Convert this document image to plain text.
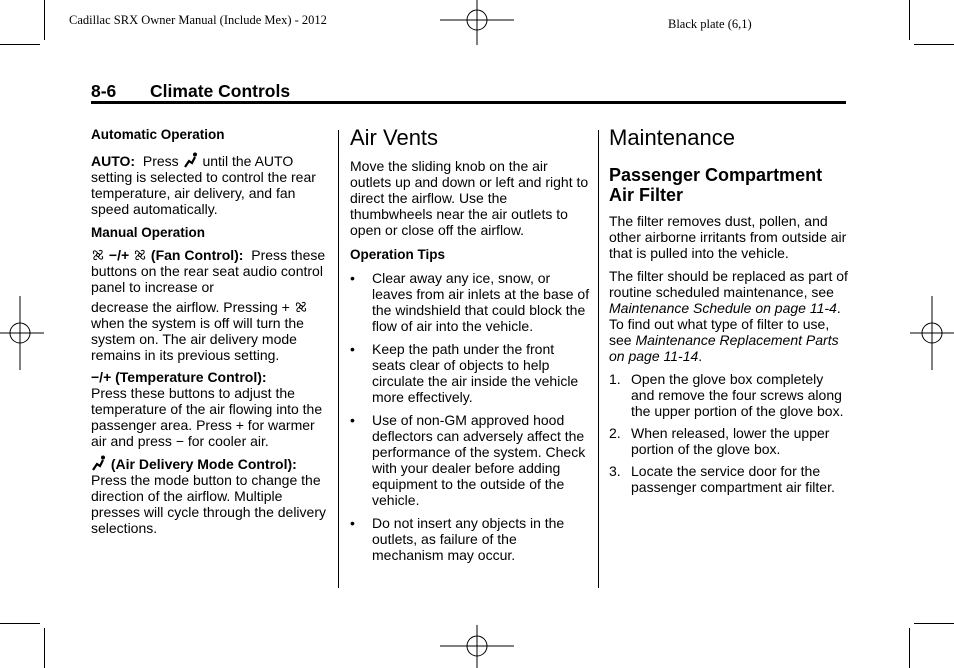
Cadillac SRX Owner Manual (Include Mex) - 2012	Black plate (6,1)
8-6 Climate Controls

Automatic Operation

AUTO: Press until the AUTO setting is selected to control the rear temperature, air delivery, and fan speed automatically.

Manual Operation

−/+ (Fan Control): Press these buttons on the rear seat audio control panel to increase or

decrease the airflow. Pressing +  when the system is off will turn the system on. The air delivery mode remains in its previous setting.

−/+ (Temperature Control):
Press these buttons to adjust the temperature of the air flowing into the passenger area. Press + for warmer air and press − for cooler air.

(Air Delivery Mode Control):
Press the mode button to change the direction of the airflow. Multiple presses will cycle through the delivery selections.

Air Vents

Move the sliding knob on the air outlets up and down or left and right to direct the airflow. Use the thumbwheels near the air outlets to open or close off the airflow.

Operation Tips

• Clear away any ice, snow, or leaves from air inlets at the base of the windshield that could block the flow of air into the vehicle.
• Keep the path under the front seats clear of objects to help circulate the air inside the vehicle more effectively.
• Use of non-GM approved hood deflectors can adversely affect the performance of the system. Check with your dealer before adding equipment to the outside of the vehicle.
• Do not insert any objects in the outlets, as failure of the mechanism may occur.
Maintenance
Passenger Compartment Air Filter

The filter removes dust, pollen, and other airborne irritants from outside air that is pulled into the vehicle.

The filter should be replaced as part of routine scheduled maintenance, see Maintenance Schedule on page 11-4. To find out what type of filter to use, see Maintenance Replacement Parts on page 11-14.

1. Open the glove box completely and remove the four screws along the upper portion of the glove box.
2. When released, lower the upper portion of the glove box.
3. Locate the service door for the passenger compartment air filter.
